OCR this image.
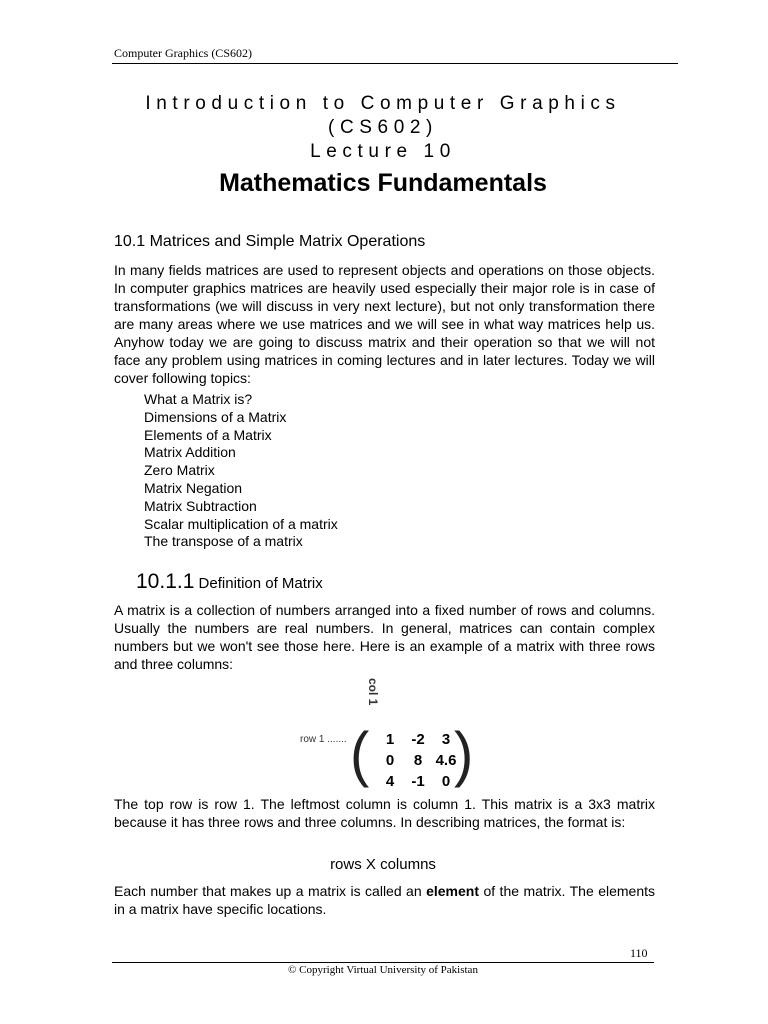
Computer Graphics (CS602)
Introduction to Computer Graphics
(CS602)
Lecture 10
Mathematics Fundamentals
10.1 Matrices and Simple Matrix Operations
In many fields matrices are used to represent objects and operations on those objects. In computer graphics matrices are heavily used especially their major role is in case of transformations (we will discuss in very next lecture), but not only transformation there are many areas where we use matrices and we will see in what way matrices help us. Anyhow today we are going to discuss matrix and their operation so that we will not face any problem using matrices in coming lectures and in later lectures. Today we will cover following topics:
What a Matrix is?
Dimensions of a Matrix
Elements of a Matrix
Matrix Addition
Zero Matrix
Matrix Negation
Matrix Subtraction
Scalar multiplication of a matrix
The transpose of a matrix
10.1.1 Definition of Matrix
A matrix is a collection of numbers arranged into a fixed number of rows and columns. Usually the numbers are real numbers. In general, matrices can contain complex numbers but we won't see those here. Here is an example of a matrix with three rows and three columns:
col 1
row 1 ....... (	1	-2	3
0	8 4.6
4	-1	0 )
The top row is row 1. The leftmost column is column 1. This matrix is a 3x3 matrix because it has three rows and three columns. In describing matrices, the format is:
rows X columns
Each number that makes up a matrix is called an element of the matrix. The elements in a matrix have specific locations.
110
© Copyright Virtual University of Pakistan
